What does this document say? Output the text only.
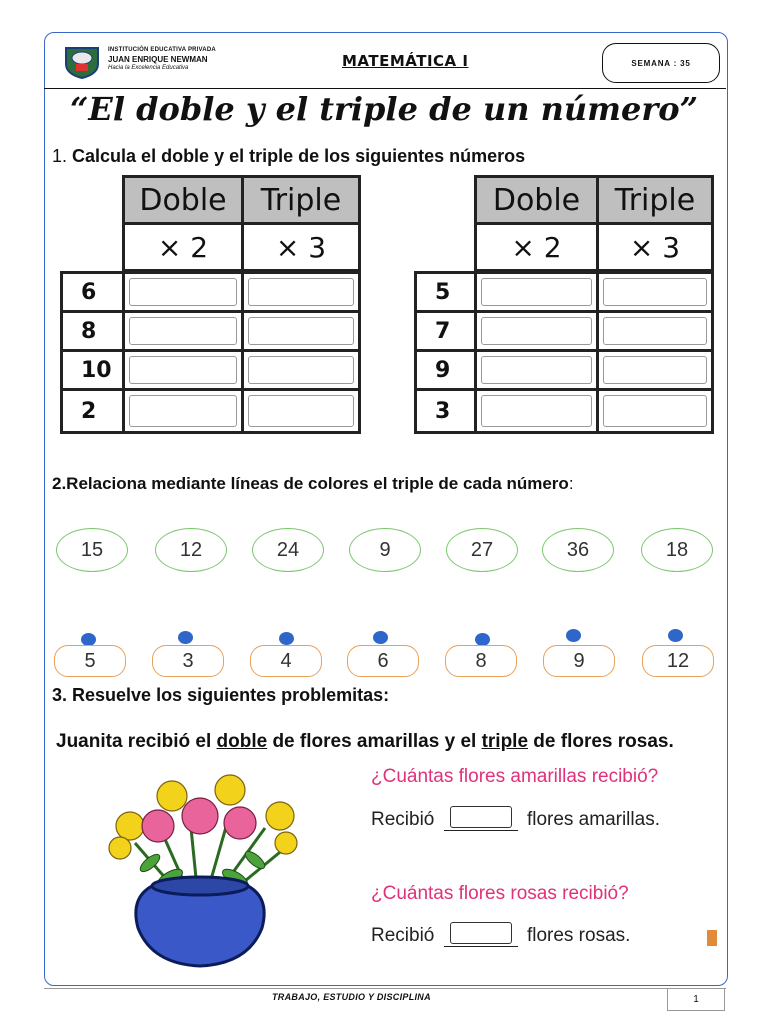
INSTITUCIÓN EDUCATIVA PRIVADA
JUAN ENRIQUE NEWMAN
Hacia la Excelencia Educativa	MATEMÁTICA I	SEMANA : 35
“El doble y el triple de un número”
1. Calcula el doble y el triple de los siguientes números
Doble	Triple
× 2	× 3
6
8
10
2
Doble	Triple
× 2	× 3
5
7
9
3
2.Relaciona mediante líneas de colores el triple de cada número:
15	12	24	9	27	36	18
5	3	4	6	8	9	12
3. Resuelve los siguientes problemitas:
Juanita recibió el doble de flores amarillas y el triple de flores rosas.
¿Cuántas flores amarillas recibió?
Recibió	flores amarillas.
¿Cuántas flores rosas recibió?
Recibió	flores rosas.
TRABAJO, ESTUDIO Y DISCIPLINA	1
